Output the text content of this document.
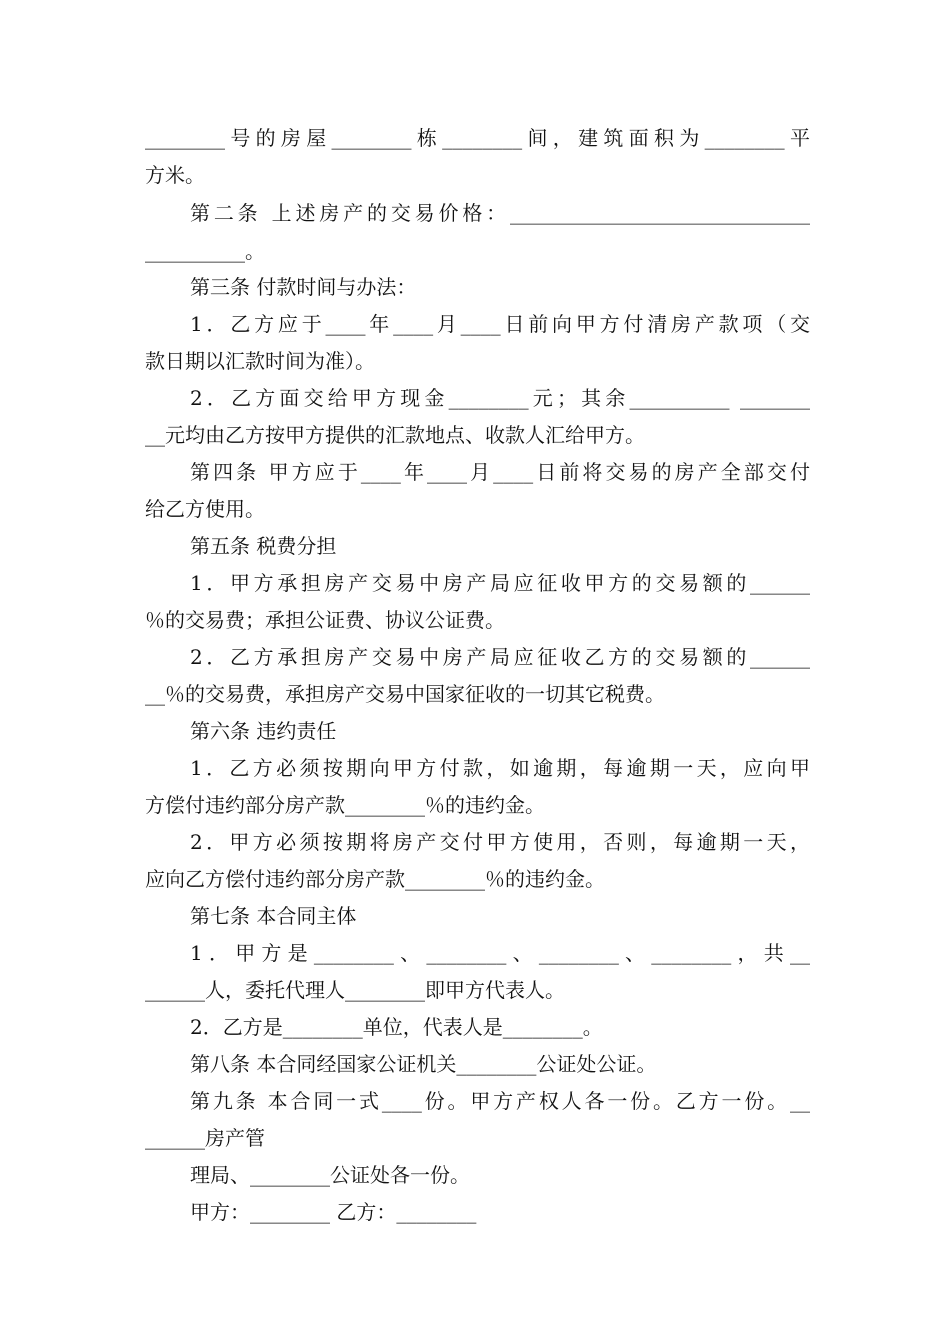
________号的房屋________栋________间，建筑面积为________平
方米。
第二条 上述房产的交易价格：______________________________
__________。
第三条 付款时间与办法：
1．乙方应于____年____月____日前向甲方付清房产款项（交
款日期以汇款时间为准）。
2．乙方面交给甲方现金________元；其余__________ _______
__元均由乙方按甲方提供的汇款地点、收款人汇给甲方。
第四条 甲方应于____年____月____日前将交易的房产全部交付
给乙方使用。
第五条 税费分担
1．甲方承担房产交易中房产局应征收甲方的交易额的______
％的交易费；承担公证费、协议公证费。
2．乙方承担房产交易中房产局应征收乙方的交易额的______
__％的交易费，承担房产交易中国家征收的一切其它税费。
第六条 违约责任
1．乙方必须按期向甲方付款，如逾期，每逾期一天，应向甲
方偿付违约部分房产款________％的违约金。
2．甲方必须按期将房产交付甲方使用，否则，每逾期一天，
应向乙方偿付违约部分房产款________％的违约金。
第七条 本合同主体
1．甲方是________、________、________、________，共__
______人，委托代理人________即甲方代表人。
2．乙方是________单位，代表人是________。
第八条 本合同经国家公证机关________公证处公证。
第九条 本合同一式____份。甲方产权人各一份。乙方一份。__
______房产管
理局、________公证处各一份。
甲方：________ 乙方：________
